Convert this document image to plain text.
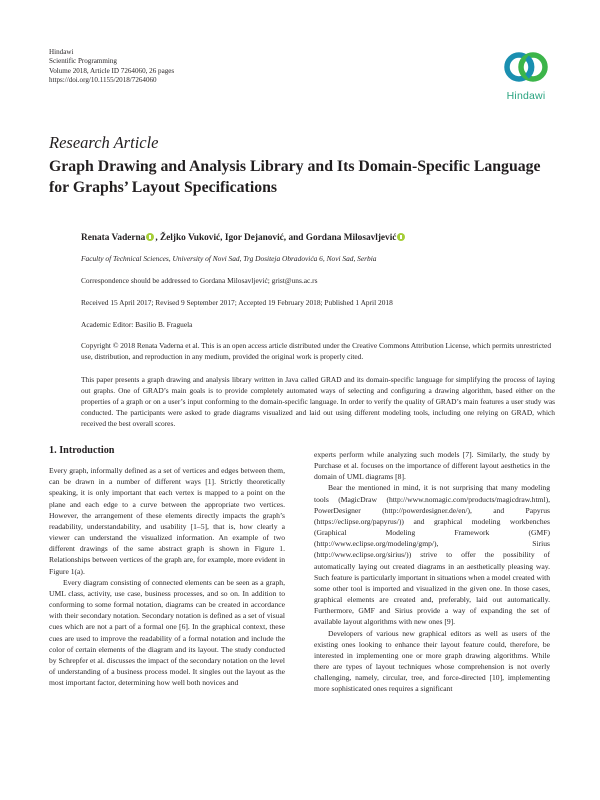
Hindawi
Scientific Programming
Volume 2018, Article ID 7264060, 26 pages
https://doi.org/10.1155/2018/7264060
Hindawi
Research Article
Graph Drawing and Analysis Library and Its Domain-Specific Language for Graphs’ Layout Specifications
Renata Vaderna , Željko Vuković, Igor Dejanović, and Gordana Milosavljević
Faculty of Technical Sciences, University of Novi Sad, Trg Dositeja Obradovića 6, Novi Sad, Serbia
Correspondence should be addressed to Gordana Milosavljević; grist@uns.ac.rs
Received 15 April 2017; Revised 9 September 2017; Accepted 19 February 2018; Published 1 April 2018
Academic Editor: Basilio B. Fraguela
Copyright © 2018 Renata Vaderna et al. This is an open access article distributed under the Creative Commons Attribution License, which permits unrestricted use, distribution, and reproduction in any medium, provided the original work is properly cited.
This paper presents a graph drawing and analysis library written in Java called GRAD and its domain-specific language for simplifying the process of laying out graphs. One of GRAD’s main goals is to provide completely automated ways of selecting and configuring a drawing algorithm, based either on the properties of a graph or on a user’s input conforming to the domain-specific language. In order to verify the quality of GRAD’s main features a user study was conducted. The participants were asked to grade diagrams visualized and laid out using different modeling tools, including one relying on GRAD, which received the best overall scores.
1. Introduction

Every graph, informally defined as a set of vertices and edges between them, can be drawn in a number of different ways [1]. Strictly theoretically speaking, it is only important that each vertex is mapped to a point on the plane and each edge to a curve between the appropriate two vertices. However, the arrangement of these elements directly impacts the graph’s readability, understandability, and usability [1–5], that is, how clearly a viewer can understand the visualized information. An example of two different drawings of the same abstract graph is shown in Figure 1. Relationships between vertices of the graph are, for example, more evident in Figure 1(a).

Every diagram consisting of connected elements can be seen as a graph, UML class, activity, use case, business processes, and so on. In addition to conforming to some formal notation, diagrams can be created in accordance with their secondary notation. Secondary notation is defined as a set of visual cues which are not a part of a formal one [6]. In the graphical context, these cues are used to improve the readability of a formal notation and include the color of certain elements of the diagram and its layout. The study conducted by Schrepfer et al. discusses the impact of the secondary notation on the level of understanding of a business process model. It singles out the layout as the most important factor, determining how well both novices and

experts perform while analyzing such models [7]. Similarly, the study by Purchase et al. focuses on the importance of different layout aesthetics in the domain of UML diagrams [8].

Bear the mentioned in mind, it is not surprising that many modeling tools (MagicDraw (http://www.nomagic.com/products/magicdraw.html), PowerDesigner (http://powerdesigner.de/en/), and Papyrus (https://eclipse.org/papyrus/)) and graphical modeling workbenches (Graphical Modeling Framework (GMF) (http://www.eclipse.org/modeling/gmp/), Sirius (http://www.eclipse.org/sirius/)) strive to offer the possibility of automatically laying out created diagrams in an aesthetically pleasing way. Such feature is particularly important in situations when a model created with some other tool is imported and visualized in the given one. In those cases, graphical elements are created and, preferably, laid out automatically. Furthermore, GMF and Sirius provide a way of expanding the set of available layout algorithms with new ones [9].

Developers of various new graphical editors as well as users of the existing ones looking to enhance their layout feature could, therefore, be interested in implementing one or more graph drawing algorithms. While there are types of layout techniques whose comprehension is not overly challenging, namely, circular, tree, and force-directed [10], implementing more sophisticated ones requires a significant
